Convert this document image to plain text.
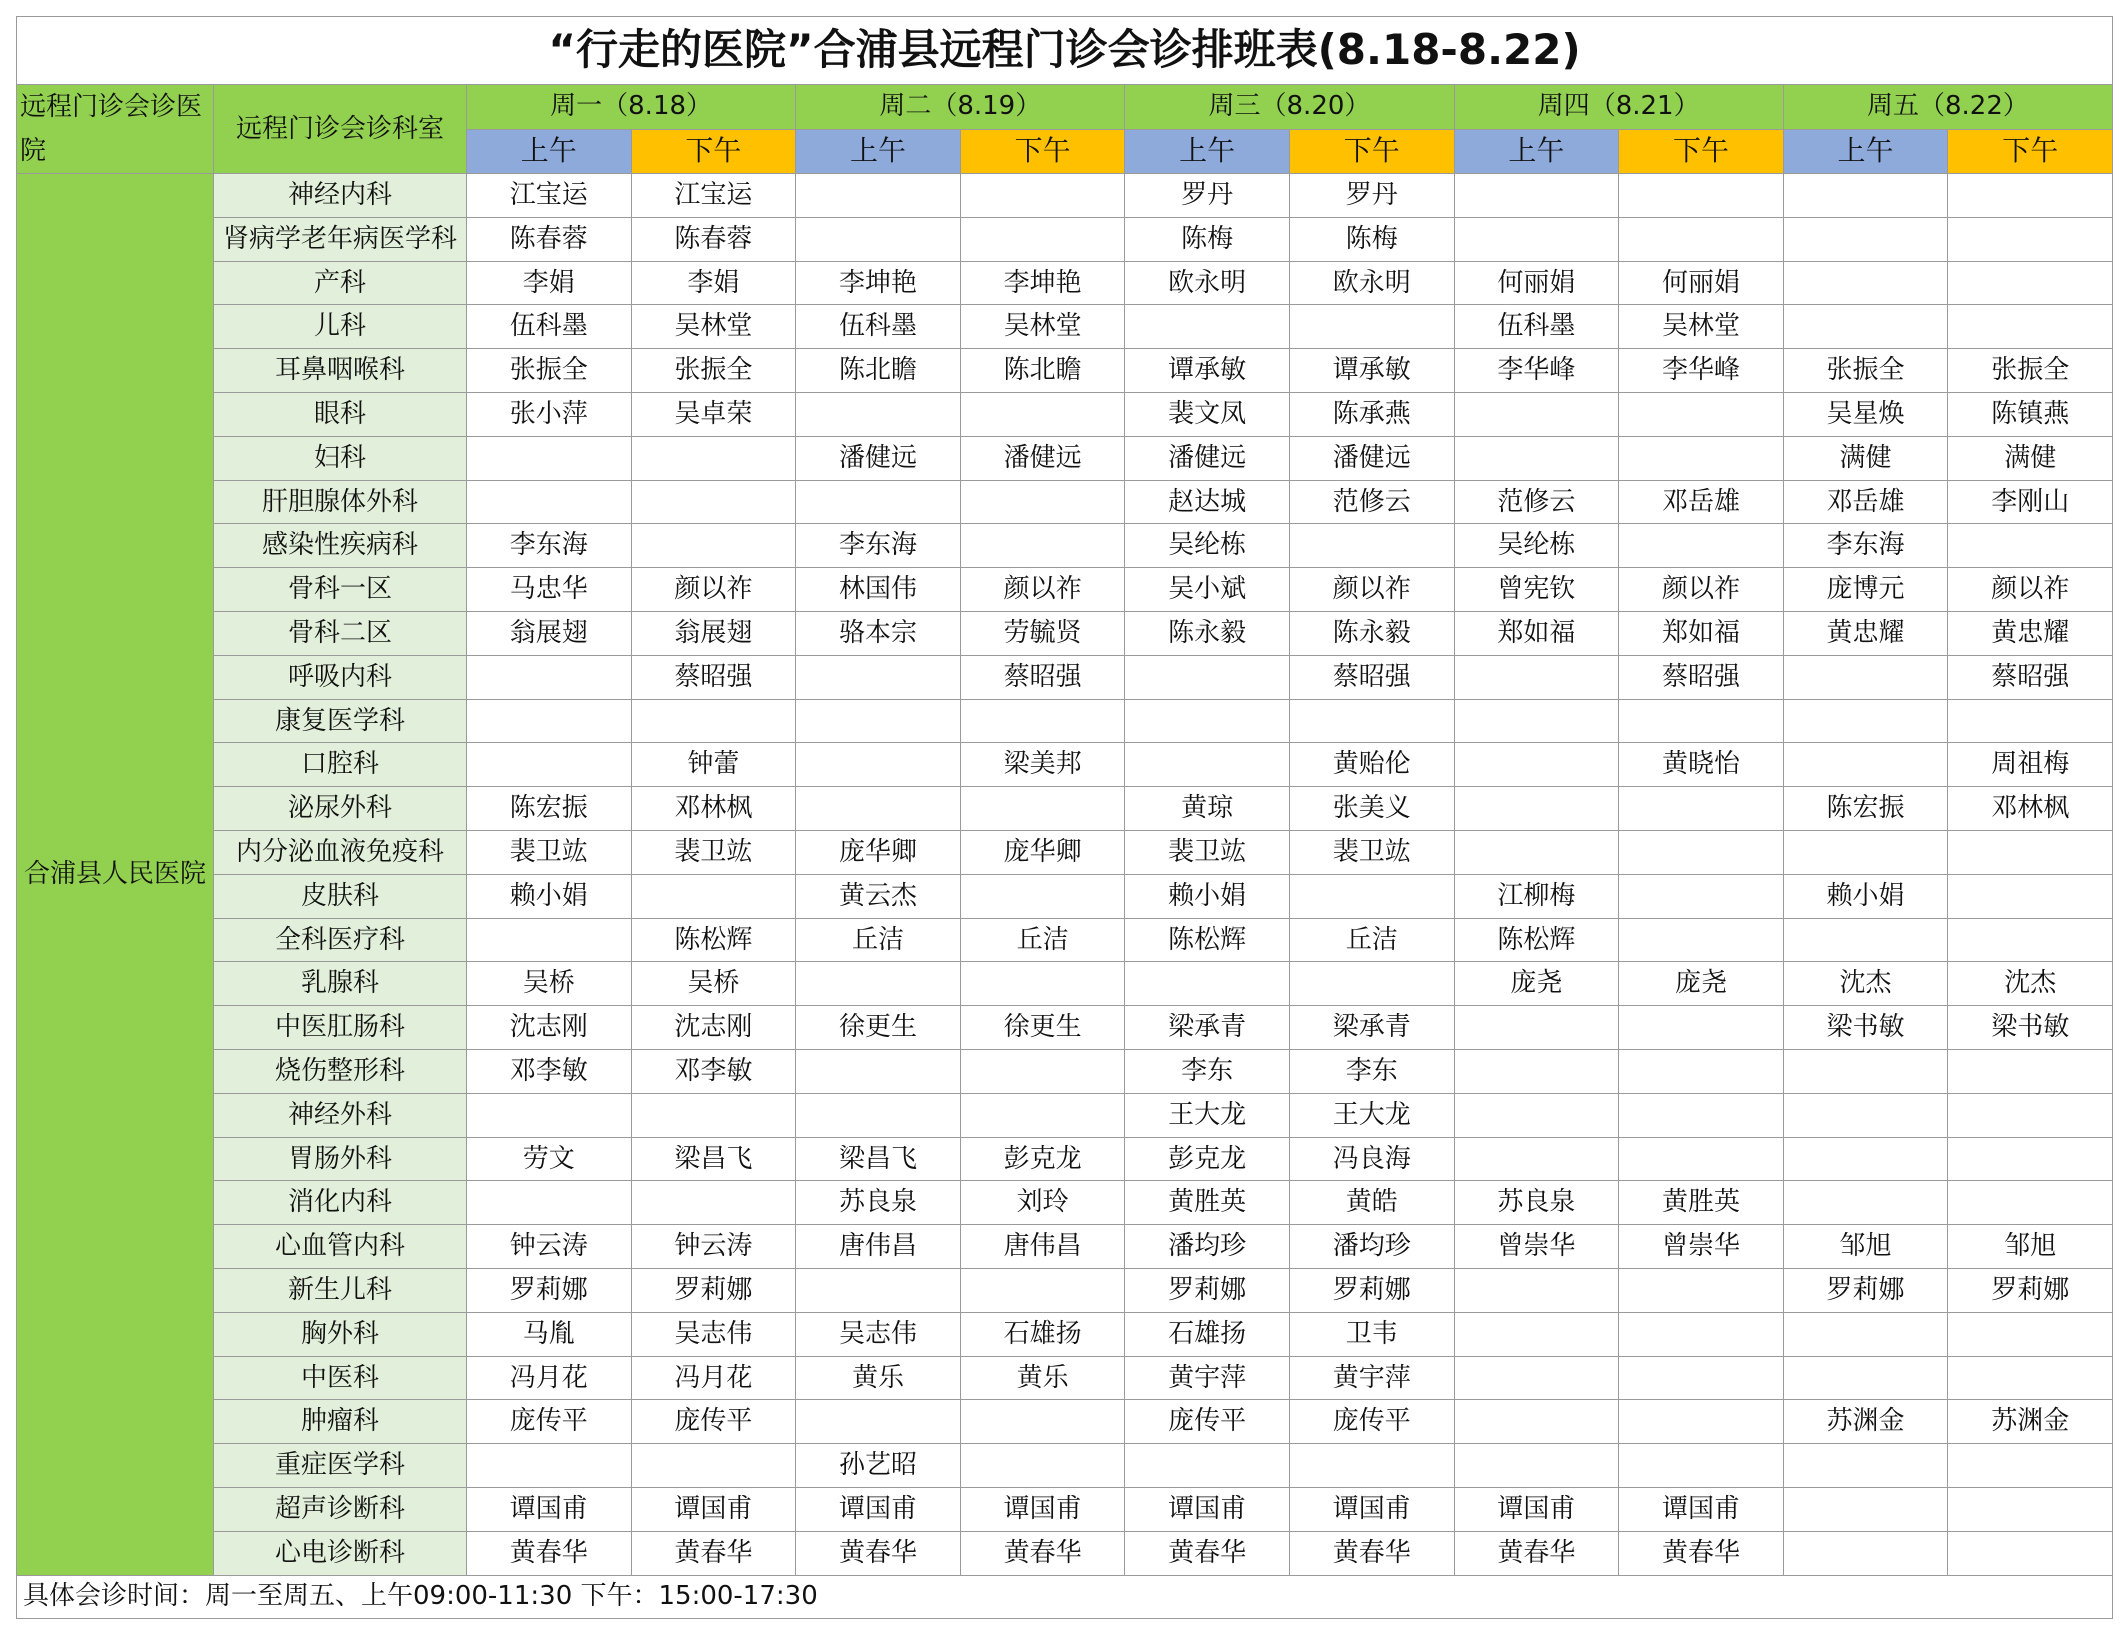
“行走的医院”合浦县远程门诊会诊排班表(8.18-8.22)											
远程门诊会诊医院	远程门诊会诊科室	周一（8.18）		周二（8.19）		周三（8.20）		周四（8.21）		周五（8.22）	
		上午	下午	上午	下午	上午	下午	上午	下午	上午	下午
合浦县人民医院	神经内科	江宝运	江宝运			罗丹	罗丹				
	肾病学老年病医学科	陈春蓉	陈春蓉			陈梅	陈梅				
	产科	李娟	李娟	李坤艳	李坤艳	欧永明	欧永明	何丽娟	何丽娟		
	儿科	伍科墨	吴林堂	伍科墨	吴林堂			伍科墨	吴林堂		
	耳鼻咽喉科	张振全	张振全	陈北瞻	陈北瞻	谭承敏	谭承敏	李华峰	李华峰	张振全	张振全
	眼科	张小萍	吴卓荣			裴文凤	陈承燕			吴星焕	陈镇燕
	妇科			潘健远	潘健远	潘健远	潘健远			满健	满健
	肝胆腺体外科					赵达城	范修云	范修云	邓岳雄	邓岳雄	李刚山
	感染性疾病科	李东海		李东海		吴纶栋		吴纶栋		李东海	
	骨科一区	马忠华	颜以祚	林国伟	颜以祚	吴小斌	颜以祚	曾宪钦	颜以祚	庞博元	颜以祚
	骨科二区	翁展翅	翁展翅	骆本宗	劳毓贤	陈永毅	陈永毅	郑如福	郑如福	黄忠耀	黄忠耀
	呼吸内科		蔡昭强		蔡昭强		蔡昭强		蔡昭强		蔡昭强
	康复医学科										
	口腔科		钟蕾		梁美邦		黄贻伦		黄晓怡		周祖梅
	泌尿外科	陈宏振	邓林枫			黄琼	张美义			陈宏振	邓林枫
	内分泌血液免疫科	裴卫竑	裴卫竑	庞华卿	庞华卿	裴卫竑	裴卫竑				
	皮肤科	赖小娟		黄云杰		赖小娟		江柳梅		赖小娟	
	全科医疗科		陈松辉	丘洁	丘洁	陈松辉	丘洁	陈松辉			
	乳腺科	吴桥	吴桥					庞尧	庞尧	沈杰	沈杰
	中医肛肠科	沈志刚	沈志刚	徐更生	徐更生	梁承青	梁承青			梁书敏	梁书敏
	烧伤整形科	邓李敏	邓李敏			李东	李东				
	神经外科					王大龙	王大龙				
	胃肠外科	劳文	梁昌飞	梁昌飞	彭克龙	彭克龙	冯良海				
	消化内科			苏良泉	刘玲	黄胜英	黄皓	苏良泉	黄胜英		
	心血管内科	钟云涛	钟云涛	唐伟昌	唐伟昌	潘均珍	潘均珍	曾崇华	曾崇华	邹旭	邹旭
	新生儿科	罗莉娜	罗莉娜			罗莉娜	罗莉娜			罗莉娜	罗莉娜
	胸外科	马胤	吴志伟	吴志伟	石雄扬	石雄扬	卫韦				
	中医科	冯月花	冯月花	黄乐	黄乐	黄宇萍	黄宇萍				
	肿瘤科	庞传平	庞传平			庞传平	庞传平			苏渊金	苏渊金
	重症医学科			孙艺昭							
	超声诊断科	谭国甫	谭国甫	谭国甫	谭国甫	谭国甫	谭国甫	谭国甫	谭国甫		
	心电诊断科	黄春华	黄春华	黄春华	黄春华	黄春华	黄春华	黄春华	黄春华		
具体会诊时间：周一至周五、上午09:00-11:30 下午：15:00-17:30											
